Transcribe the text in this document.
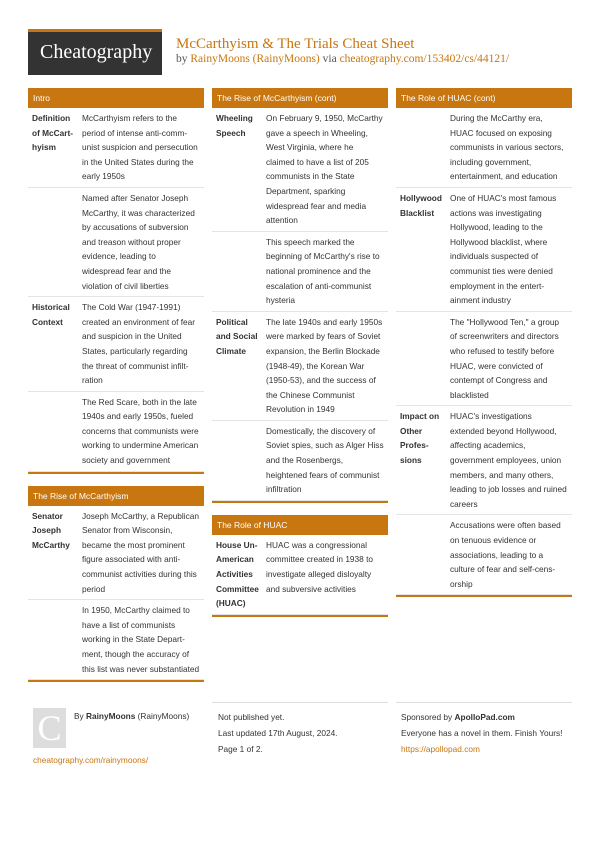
Cheatography McCarthyism & The Trials Cheat Sheet
by RainyMoons (RainyMoons) via cheatography.com/153402/cs/44121/
Intro
Definition of McCarthyism
McCarthyism refers to the period of intense anti-communist suspicion and persecution in the United States during the early 1950s
Named after Senator Joseph McCarthy, it was characterized by accusations of subversion and treason without proper evidence, leading to widespread fear and the violation of civil liberties
Historical Context
The Cold War (1947-1991) created an environment of fear and suspicion in the United States, particularly regarding the threat of communist infiltration
The Red Scare, both in the late 1940s and early 1950s, fueled concerns that communists were working to undermine American society and government
The Rise of McCarthyism
Senator Joseph McCarthy
Joseph McCarthy, a Republican Senator from Wisconsin, became the most prominent figure associated with anti-communist activities during this period
In 1950, McCarthy claimed to have a list of communists working in the State Department, though the accuracy of this list was never substantiated
The Rise of McCarthyism (cont)
Wheeling Speech
On February 9, 1950, McCarthy gave a speech in Wheeling, West Virginia, where he claimed to have a list of 205 communists in the State Department, sparking widespread fear and media attention
This speech marked the beginning of McCarthy's rise to national prominence and the escalation of anti-communist hysteria
Political and Social Climate
The late 1940s and early 1950s were marked by fears of Soviet expansion, the Berlin Blockade (1948-49), the Korean War (1950-53), and the success of the Chinese Communist Revolution in 1949
Domestically, the discovery of Soviet spies, such as Alger Hiss and the Rosenbergs, heightened fears of communist infiltration
The Role of HUAC
House Un-American Activities Committee (HUAC)
HUAC was a congressional committee created in 1938 to investigate alleged disloyalty and subversive activities
The Role of HUAC (cont)
During the McCarthy era, HUAC focused on exposing communists in various sectors, including government, entertainment, and education
Hollywood Blacklist
One of HUAC's most famous actions was investigating Hollywood, leading to the Hollywood blacklist, where individuals suspected of communist ties were denied employment in the entertainment industry
The "Hollywood Ten," a group of screenwriters and directors who refused to testify before HUAC, were convicted of contempt of Congress and blacklisted
Impact on Other Professions
HUAC's investigations extended beyond Hollywood, affecting academics, government employees, union members, and many others, leading to job losses and ruined careers
Accusations were often based on tenuous evidence or associations, leading to a culture of fear and self-censorship
C	By RainyMoons (RainyMoons)
cheatography.com/rainymoons/
Not published yet.
Last updated 17th August, 2024.
Page 1 of 2.
Sponsored by ApolloPad.com
Everyone has a novel in them. Finish Yours!
https://apollopad.com
